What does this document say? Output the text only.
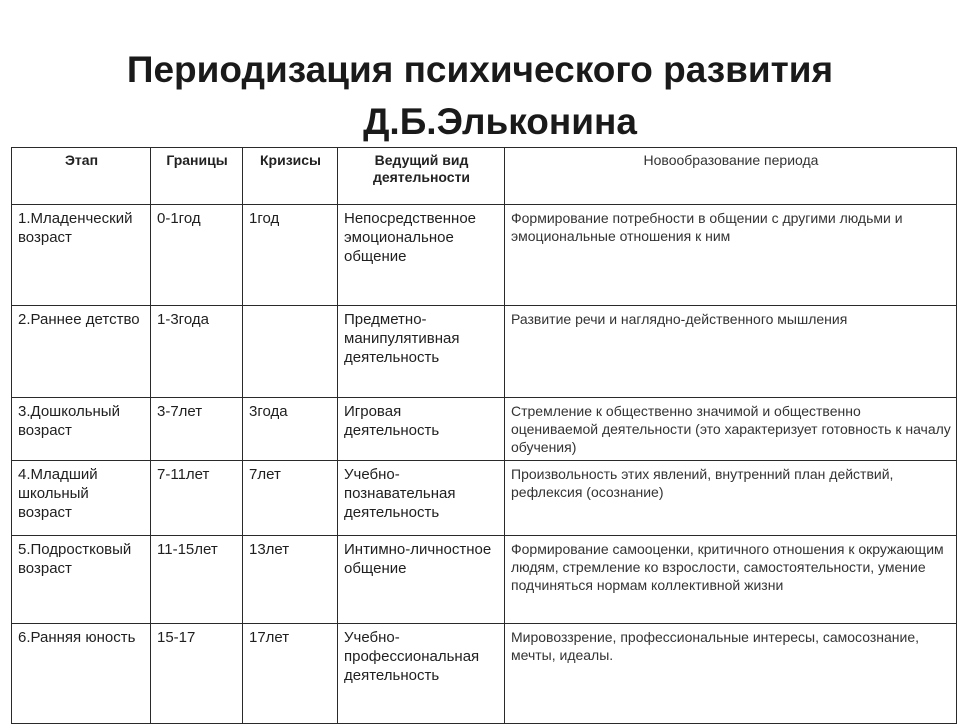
Периодизация психического развития
Д.Б.Эльконина
Этап	Границы	Кризисы	Ведущий вид деятельности	Новообразование периода
1.Младенческий возраст	0-1год	1год	Непосредственное эмоциональное общение	Формирование потребности в общении с другими людьми и эмоциональные отношения к ним
2.Раннее детство	1-3года		Предметно-манипулятивная деятельность	Развитие речи и наглядно-действенного мышления
3.Дошкольный возраст	3-7лет	3года	Игровая деятельность	Стремление к общественно значимой и общественно оцениваемой деятельности (это характеризует готовность к началу обучения)
4.Младший школьный возраст	7-11лет	7лет	Учебно-познавательная деятельность	Произвольность этих явлений, внутренний план действий, рефлексия (осознание)
5.Подростковый возраст	11-15лет	13лет	Интимно-личностное общение	Формирование самооценки, критичного отношения к окружающим людям, стремление ко взрослости, самостоятельности, умение подчиняться нормам коллективной жизни
6.Ранняя юность	15-17	17лет	Учебно-профессиональная деятельность	Мировоззрение, профессиональные интересы, самосознание, мечты, идеалы.
